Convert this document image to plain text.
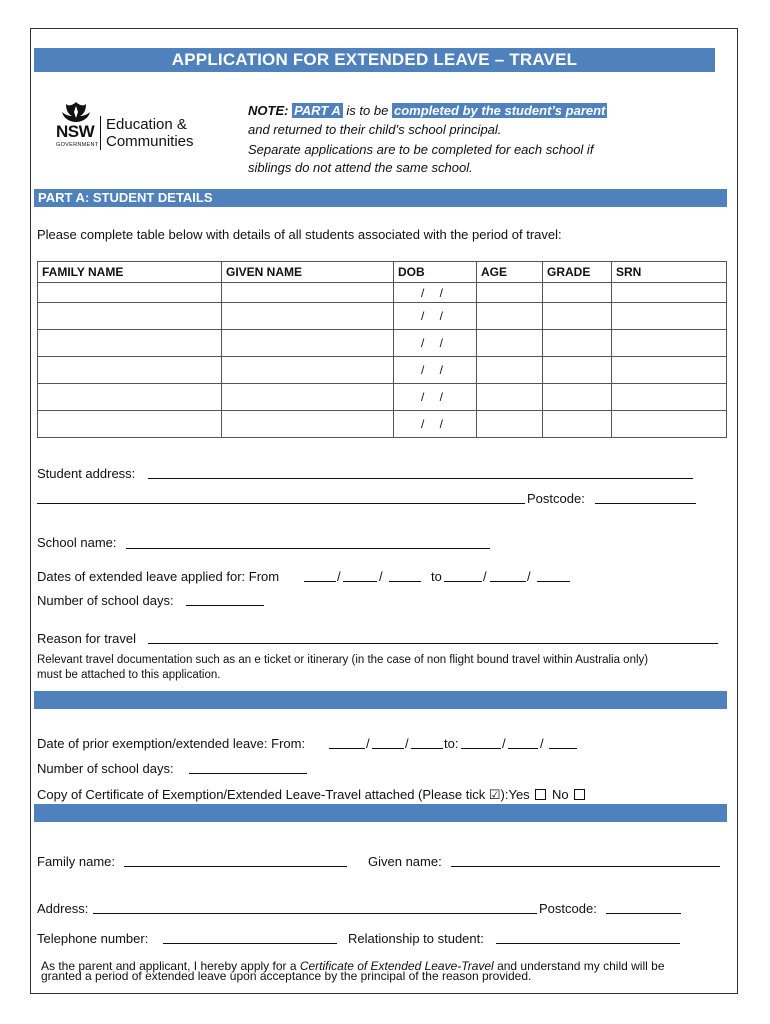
APPLICATION FOR EXTENDED LEAVE – TRAVEL
NSW
GOVERNMENT
Education &
Communities
NOTE: PART A is to be completed by the student’s parent
and returned to their child’s school principal.
Separate applications are to be completed for each school if
siblings do not attend the same school.
PART A: STUDENT DETAILS
Please complete table below with details of all students associated with the period of travel:
FAMILY NAME	GIVEN NAME	DOB	AGE	GRADE	SRN
		/ /			
		/ /			
		/ /			
		/ /			
		/ /			
		/ /			
Student address:
Postcode:
School name:
Dates of extended leave applied for: From	/	/	to	/	/
Number of school days:
Reason for travel
Relevant travel documentation such as an e ticket or itinerary (in the case of non flight bound travel within Australia only)
must be attached to this application.
Date of prior exemption/extended leave: From:	/	/	to:	/	/
Number of school days:
Copy of Certificate of Exemption/Extended Leave-Travel attached (Please tick ☑):Yes No
Family name:	Given name:
Address:	Postcode:
Telephone number:	Relationship to student:
As the parent and applicant, I hereby apply for a Certificate of Extended Leave-Travel and understand my child will be
granted a period of extended leave upon acceptance by the principal of the reason provided.
